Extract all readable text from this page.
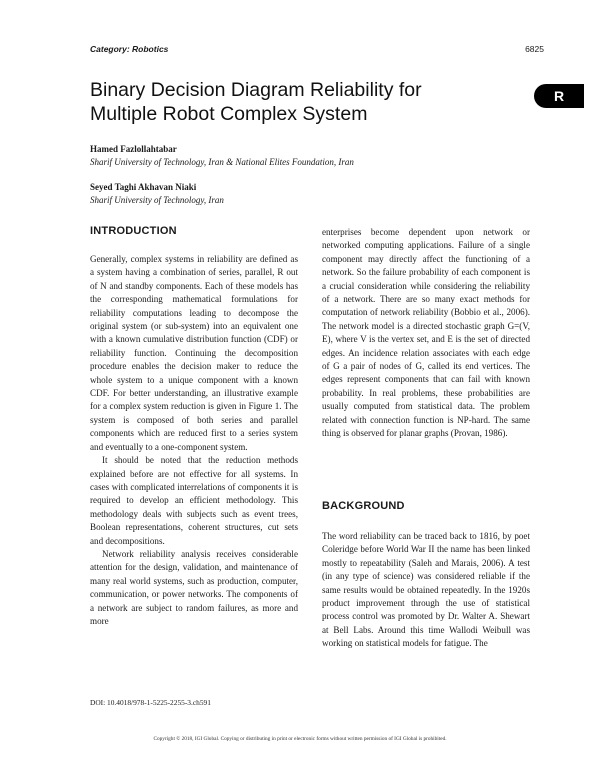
Category: Robotics	6825
Binary Decision Diagram Reliability for Multiple Robot Complex System
R
Hamed Fazlollahtabar
Sharif University of Technology, Iran & National Elites Foundation, Iran
Seyed Taghi Akhavan Niaki
Sharif University of Technology, Iran
INTRODUCTION

Generally, complex systems in reliability are defined as a system having a combination of series, parallel, R out of N and standby components. Each of these models has the corresponding mathematical formulations for reliability computations leading to decompose the original system (or sub-system) into an equivalent one with a known cumulative distribution function (CDF) or reliability function. Continuing the decomposition procedure enables the decision maker to reduce the whole system to a unique component with a known CDF. For better understanding, an illustrative example for a complex system reduction is given in Figure 1. The system is composed of both series and parallel components which are reduced first to a series system and eventually to a one-component system.

It should be noted that the reduction methods explained before are not effective for all systems. In cases with complicated interrelations of components it is required to develop an efficient methodology. This methodology deals with subjects such as event trees, Boolean representations, coherent structures, cut sets and decompositions.

Network reliability analysis receives considerable attention for the design, validation, and maintenance of many real world systems, such as production, computer, communication, or power networks. The components of a network are subject to random failures, as more and more

enterprises become dependent upon network or networked computing applications. Failure of a single component may directly affect the functioning of a network. So the failure probability of each component is a crucial consideration while considering the reliability of a network. There are so many exact methods for computation of network reliability (Bobbio et al., 2006). The network model is a directed stochastic graph G=(V, E), where V is the vertex set, and E is the set of directed edges. An incidence relation associates with each edge of G a pair of nodes of G, called its end vertices. The edges represent components that can fail with known probability. In real problems, these probabilities are usually computed from statistical data. The problem related with connection function is NP-hard. The same thing is observed for planar graphs (Provan, 1986).

BACKGROUND

The word reliability can be traced back to 1816, by poet Coleridge before World War II the name has been linked mostly to repeatability (Saleh and Marais, 2006). A test (in any type of science) was considered reliable if the same results would be obtained repeatedly. In the 1920s product improvement through the use of statistical process control was promoted by Dr. Walter A. Shewart at Bell Labs. Around this time Wallodi Weibull was working on statistical models for fatigue. The

DOI: 10.4018/978-1-5225-2255-3.ch591
Copyright © 2018, IGI Global. Copying or distributing in print or electronic forms without written permission of IGI Global is prohibited.
